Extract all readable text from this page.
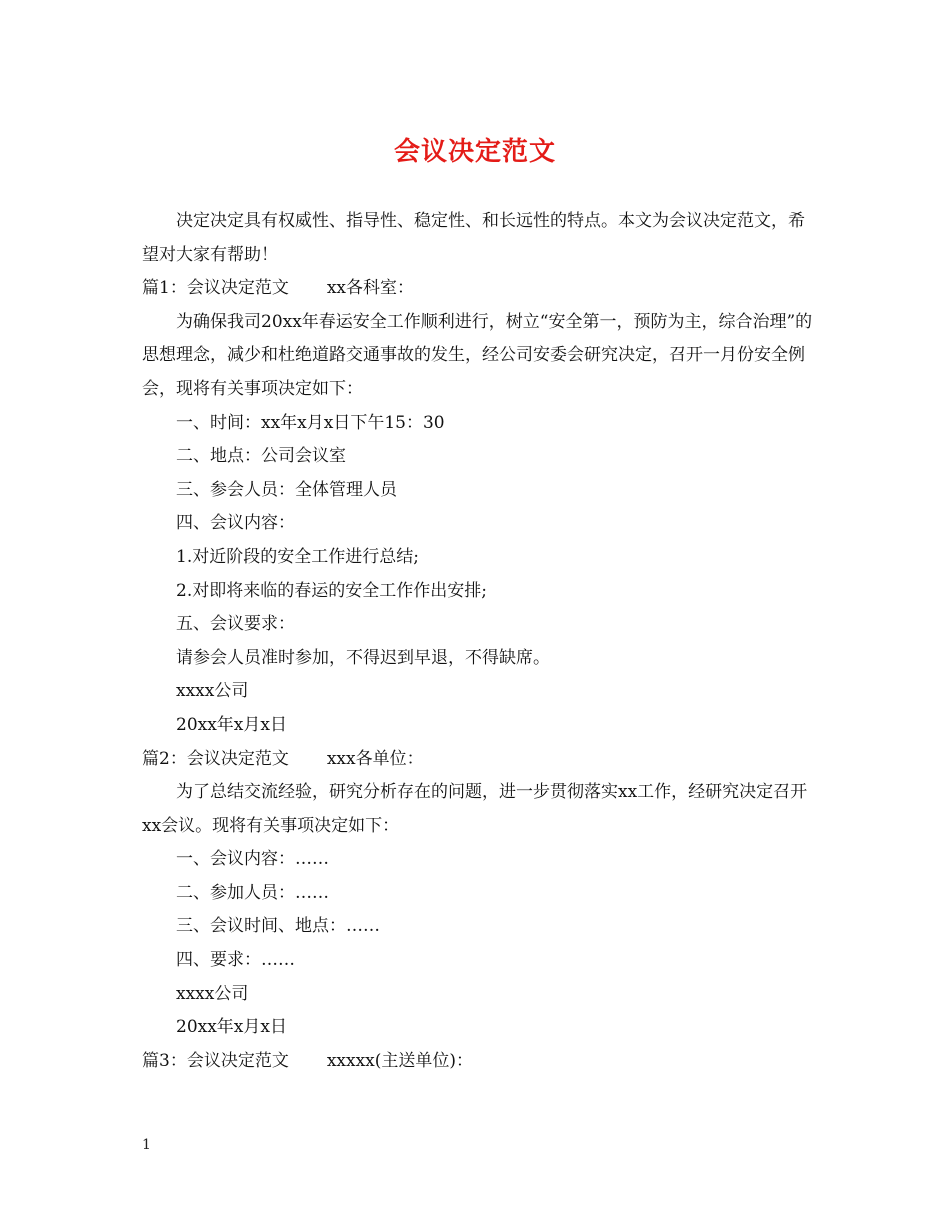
会议决定范文

决定决定具有权威性、指导性、稳定性、和长远性的特点。本文为会议决定范文，希望对大家有帮助！

篇1：会议决定范文 xx各科室：

为确保我司20xx年春运安全工作顺利进行，树立“安全第一，预防为主，综合治理”的思想理念，减少和杜绝道路交通事故的发生，经公司安委会研究决定，召开一月份安全例会，现将有关事项决定如下：

一、时间：xx年x月x日下午15：30

二、地点：公司会议室

三、参会人员：全体管理人员

四、会议内容：

1.对近阶段的安全工作进行总结;

2.对即将来临的春运的安全工作作出安排;

五、会议要求：

请参会人员准时参加，不得迟到早退，不得缺席。

xxxx公司

20xx年x月x日

篇2：会议决定范文 xxx各单位：

为了总结交流经验，研究分析存在的问题，进一步贯彻落实xx工作，经研究决定召开xx会议。现将有关事项决定如下：

一、会议内容：……

二、参加人员：……

三、会议时间、地点：……

四、要求：……

xxxx公司

20xx年x月x日

篇3：会议决定范文 xxxxx(主送单位)：

1
